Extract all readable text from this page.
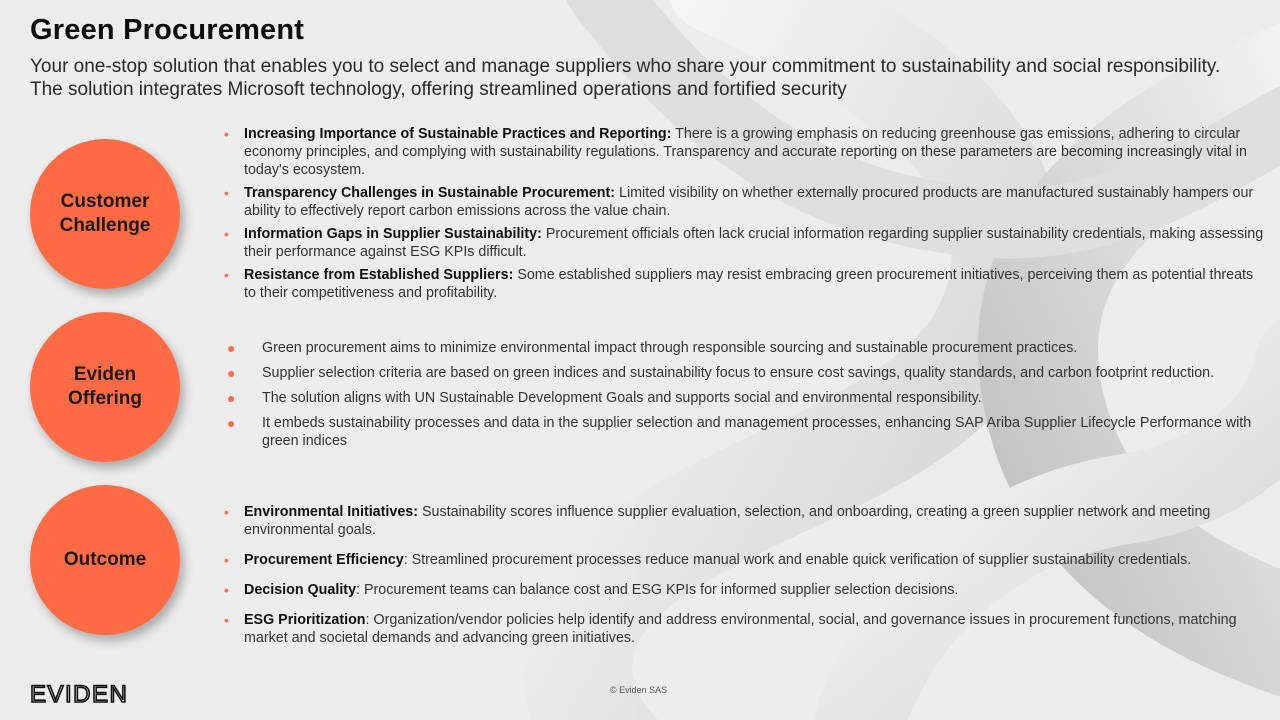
Green Procurement

Your one-stop solution that enables you to select and manage suppliers who share your commitment to sustainability and social responsibility. The solution integrates Microsoft technology, offering streamlined operations and fortified security

Customer Challenge
Eviden Offering
Outcome
• Increasing Importance of Sustainable Practices and Reporting: There is a growing emphasis on reducing greenhouse gas emissions, adhering to circular economy principles, and complying with sustainability regulations. Transparency and accurate reporting on these parameters are becoming increasingly vital in today's ecosystem.
• Transparency Challenges in Sustainable Procurement: Limited visibility on whether externally procured products are manufactured sustainably hampers our ability to effectively report carbon emissions across the value chain.
• Information Gaps in Supplier Sustainability: Procurement officials often lack crucial information regarding supplier sustainability credentials, making assessing their performance against ESG KPIs difficult.
• Resistance from Established Suppliers: Some established suppliers may resist embracing green procurement initiatives, perceiving them as potential threats to their competitiveness and profitability.
● Green procurement aims to minimize environmental impact through responsible sourcing and sustainable procurement practices.
● Supplier selection criteria are based on green indices and sustainability focus to ensure cost savings, quality standards, and carbon footprint reduction.
● The solution aligns with UN Sustainable Development Goals and supports social and environmental responsibility.
● It embeds sustainability processes and data in the supplier selection and management processes, enhancing SAP Ariba Supplier Lifecycle Performance with green indices
• Environmental Initiatives: Sustainability scores influence supplier evaluation, selection, and onboarding, creating a green supplier network and meeting environmental goals.
• Procurement Efficiency: Streamlined procurement processes reduce manual work and enable quick verification of supplier sustainability credentials.
• Decision Quality: Procurement teams can balance cost and ESG KPIs for informed supplier selection decisions.
• ESG Prioritization: Organization/vendor policies help identify and address environmental, social, and governance issues in procurement functions, matching market and societal demands and advancing green initiatives.
EVIDEN	© Eviden SAS
